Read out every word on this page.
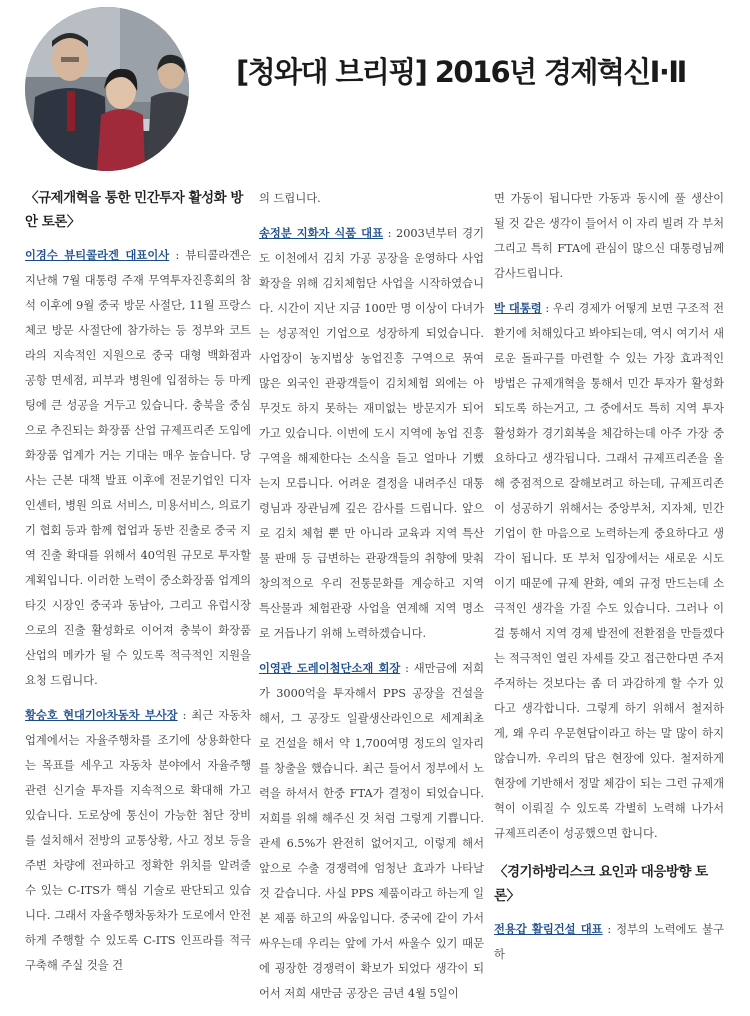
[청와대 브리핑] 2016년 경제혁신Ⅰ·Ⅱ
〈규제개혁을 통한 민간투자 활성화 방안 토론〉

이경수 뷰티콜라겐 대표이사 : 뷰티콜라겐은 지난해 7월 대통령 주재 무역투자진흥회의 참석 이후에 9월 중국 방문 사절단, 11월 프랑스 체코 방문 사절단에 참가하는 등 정부와 코트라의 지속적인 지원으로 중국 대형 백화점과 공항 면세점, 피부과 병원에 입점하는 등 마케팅에 큰 성공을 거두고 있습니다. 충북을 중심으로 추진되는 화장품 산업 규제프리존 도입에 화장품 업계가 거는 기대는 매우 높습니다. 당사는 근본 대책 발표 이후에 전문기업인 디자인센터, 병원 의료 서비스, 미용서비스, 의료기기 협회 등과 함께 협업과 동반 진출로 중국 지역 진출 확대를 위해서 40억원 규모로 투자할 계획입니다. 이러한 노력이 중소화장품 업계의 타깃 시장인 중국과 동남아, 그리고 유럽시장으로의 진출 활성화로 이어져 충북이 화장품 산업의 메카가 될 수 있도록 적극적인 지원을 요청 드립니다.

황승호 현대기아차동차 부사장 : 최근 자동차 업계에서는 자율주행차를 조기에 상용화한다는 목표를 세우고 자동차 분야에서 자율주행 관련 신기술 투자를 지속적으로 확대해 가고 있습니다. 도로상에 통신이 가능한 첨단 장비를 설치해서 전방의 교통상황, 사고 정보 등을 주변 차량에 전파하고 정확한 위치를 알려줄 수 있는 C-ITS가 핵심 기술로 판단되고 있습니다. 그래서 자율주행차동차가 도로에서 안전하게 주행할 수 있도록 C-ITS 인프라를 적극 구축해 주실 것을 건

의 드립니다.

송정분 지화자 식품 대표 : 2003년부터 경기도 이천에서 김치 가공 공장을 운영하다 사업 확장을 위해 김치체험단 사업을 시작하였습니다. 시간이 지난 지금 100만 명 이상이 다녀가는 성공적인 기업으로 성장하게 되었습니다. 사업장이 농지법상 농업진흥 구역으로 묶여 많은 외국인 관광객들이 김치체험 외에는 아무것도 하지 못하는 재미없는 방문지가 되어가고 있습니다. 이번에 도시 지역에 농업 진흥구역을 해제한다는 소식을 듣고 얼마나 기뻤는지 모릅니다. 어려운 결정을 내려주신 대통령님과 장관님께 깊은 감사를 드립니다. 앞으로 김치 체험 뿐 만 아니라 교육과 지역 특산물 판매 등 급변하는 관광객들의 취향에 맞춰 창의적으로 우리 전통문화를 계승하고 지역 특산물과 체험관광 사업을 연계해 지역 명소로 거듭나기 위해 노력하겠습니다.

이영관 도레이첨단소재 회장 : 새만금에 저희가 3000억을 투자해서 PPS 공장을 건설을 해서, 그 공장도 일괄생산라인으로 세계최초로 건설을 해서 약 1,700여명 정도의 일자리를 창출을 했습니다. 최근 들어서 정부에서 노력을 하셔서 한중 FTA가 결정이 되었습니다. 저희를 위해 해주신 것 처럼 그렇게 기쁩니다. 관세 6.5%가 완전히 없어지고, 이렇게 해서 앞으로 수출 경쟁력에 엄청난 효과가 나타날 것 같습니다. 사실 PPS 제품이라고 하는게 일본 제품 하고의 싸움입니다. 중국에 같이 가서 싸우는데 우리는 앞에 가서 싸울수 있기 때문에 굉장한 경쟁력이 확보가 되었다 생각이 되어서 저희 새만금 공장은 금년 4월 5일이

면 가동이 됩니다만 가동과 동시에 풀 생산이 될 것 같은 생각이 들어서 이 자리 빌려 각 부처 그리고 특히 FTA에 관심이 많으신 대통령님께 감사드립니다.

박 대통령 : 우리 경제가 어떻게 보면 구조적 전환기에 처해있다고 봐야되는데, 역시 여기서 새로운 돌파구를 마련할 수 있는 가장 효과적인 방법은 규제개혁을 통해서 민간 투자가 활성화 되도록 하는거고, 그 중에서도 특히 지역 투자 활성화가 경기회복을 체감하는데 아주 가장 중요하다고 생각됩니다. 그래서 규제프리존을 올해 중점적으로 잘해보려고 하는데, 규제프리존이 성공하기 위해서는 중앙부처, 지자체, 민간기업이 한 마음으로 노력하는게 중요하다고 생각이 됩니다. 또 부처 입장에서는 새로운 시도이기 때문에 규제 완화, 예외 규정 만드는데 소극적인 생각을 가질 수도 있습니다. 그러나 이걸 통해서 지역 경제 발전에 전환점을 만들겠다는 적극적인 열린 자세를 갖고 접근한다면 주저주저하는 것보다는 좀 더 과감하게 할 수가 있다고 생각합니다. 그렇게 하기 위해서 철저하게, 왜 우리 우문현답이라고 하는 말 많이 하지 않습니까. 우리의 답은 현장에 있다. 철저하게 현장에 기반해서 정말 체감이 되는 그런 규제개혁이 이뤄질 수 있도록 각별히 노력해 나가서 규제프리존이 성공했으면 합니다.

〈경기하방리스크 요인과 대응방향 토론〉

전용갑 활림건설 대표 : 정부의 노력에도 불구하
